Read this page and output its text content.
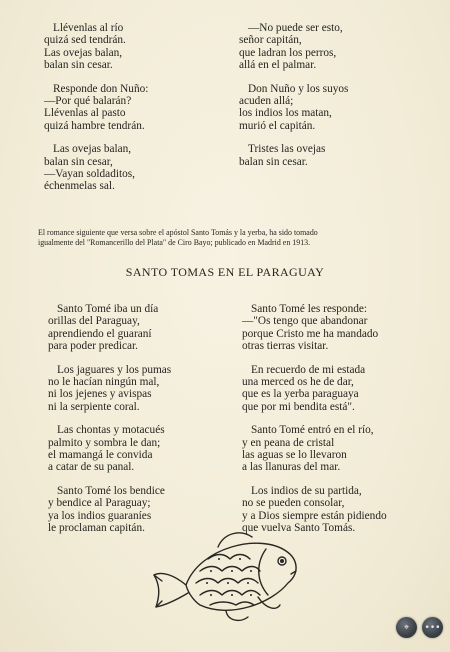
Llévenlas al río
quizá sed tendrán.
Las ovejas balan,
balan sin cesar.
Responde don Nuño:
—Por qué balarán?
Llévenlas al pasto
quizá hambre tendrán.
Las ovejas balan,
balan sin cesar,
—Vayan soldaditos,
échenmelas sal.
—No puede ser esto,
señor capitán,
que ladran los perros,
allá en el palmar.
Don Nuño y los suyos
acuden allá;
los indios los matan,
murió el capitán.
Tristes las ovejas
balan sin cesar.
El romance siguiente que versa sobre el apóstol Santo Tomás y la yerba, ha sido tomado
igualmente del "Romancerillo del Plata" de Ciro Bayo; publicado en Madrid en 1913.
SANTO TOMAS EN EL PARAGUAY
Santo Tomé iba un día
orillas del Paraguay,
aprendiendo el guaraní
para poder predicar.
Los jaguares y los pumas
no le hacían ningún mal,
ni los jejenes y avispas
ni la serpiente coral.
Las chontas y motacués
palmito y sombra le dan;
el mamangá le convida
a catar de su panal.
Santo Tomé los bendice
y bendice al Paraguay;
ya los indios guaraníes
le proclaman capitán.
Santo Tomé les responde:
—"Os tengo que abandonar
porque Cristo me ha mandado
otras tierras visitar.
En recuerdo de mi estada
una merced os he de dar,
que es la yerba paraguaya
que por mi bendita está".
Santo Tomé entró en el río,
y en peana de cristal
las aguas se lo llevaron
a las llanuras del mar.
Los indios de su partida,
no se pueden consolar,
y a Dios siempre están pidiendo
que vuelva Santo Tomás.
⌖ •••
